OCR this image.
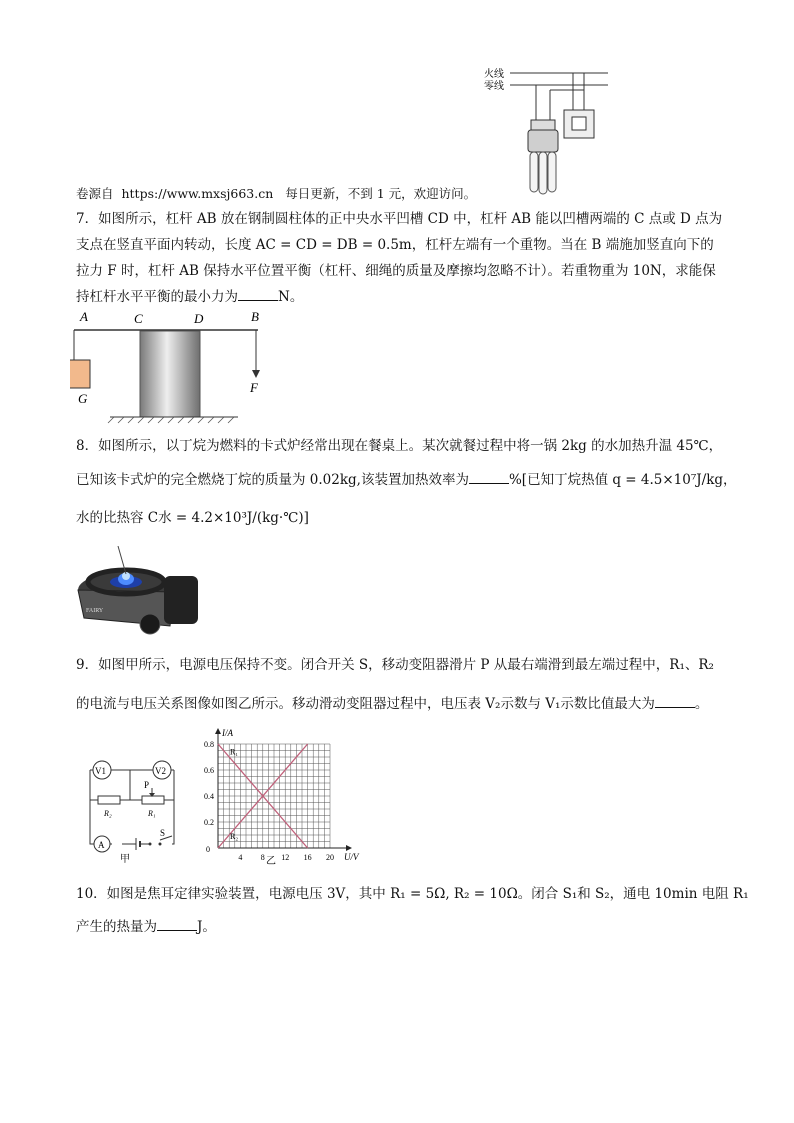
火线
零线
卷源自 https://www.mxsj663.cn 每日更新，不到 1 元，欢迎访问。
7．如图所示，杠杆 AB 放在钢制圆柱体的正中央水平凹槽 CD 中，杠杆 AB 能以凹槽两端的 C 点或 D 点为
支点在竖直平面内转动，长度 AC = CD = DB = 0.5m，杠杆左端有一个重物。当在 B 端施加竖直向下的
拉力 F 时，杠杆 AB 保持水平位置平衡（杠杆、细绳的质量及摩擦均忽略不计）。若重物重为 10N，求能保
持杠杆水平平衡的最小力为	N。
A	C	D	B
G
F
8．如图所示，以丁烷为燃料的卡式炉经常出现在餐桌上。某次就餐过程中将一锅 2kg 的水加热升温 45℃，
已知该卡式炉的完全燃烧丁烷的质量为 0.02kg,该装置加热效率为	%[已知丁烷热值 q = 4.5×10⁷J/kg，
水的比热容 C水 = 4.2×10³J/(kg·℃)]
FAIRY
9．如图甲所示，电源电压保持不变。闭合开关 S，移动变阻器滑片 P 从最右端滑到最左端过程中，R₁、R₂
的电流与电压关系图像如图乙所示。移动滑动变阻器过程中，电压表 V₂示数与 V₁示数比值最大为	。
V1	V2
P
R₂	R₁
A
S
甲
I/A
U/V
0
4 8 12 16 20
0.8
0.6
0.4
0.2
R₁
R₂
乙
10．如图是焦耳定律实验装置，电源电压 3V，其中 R₁ = 5Ω, R₂ = 10Ω。闭合 S₁和 S₂，通电 10min 电阻 R₁
产生的热量为	J。
